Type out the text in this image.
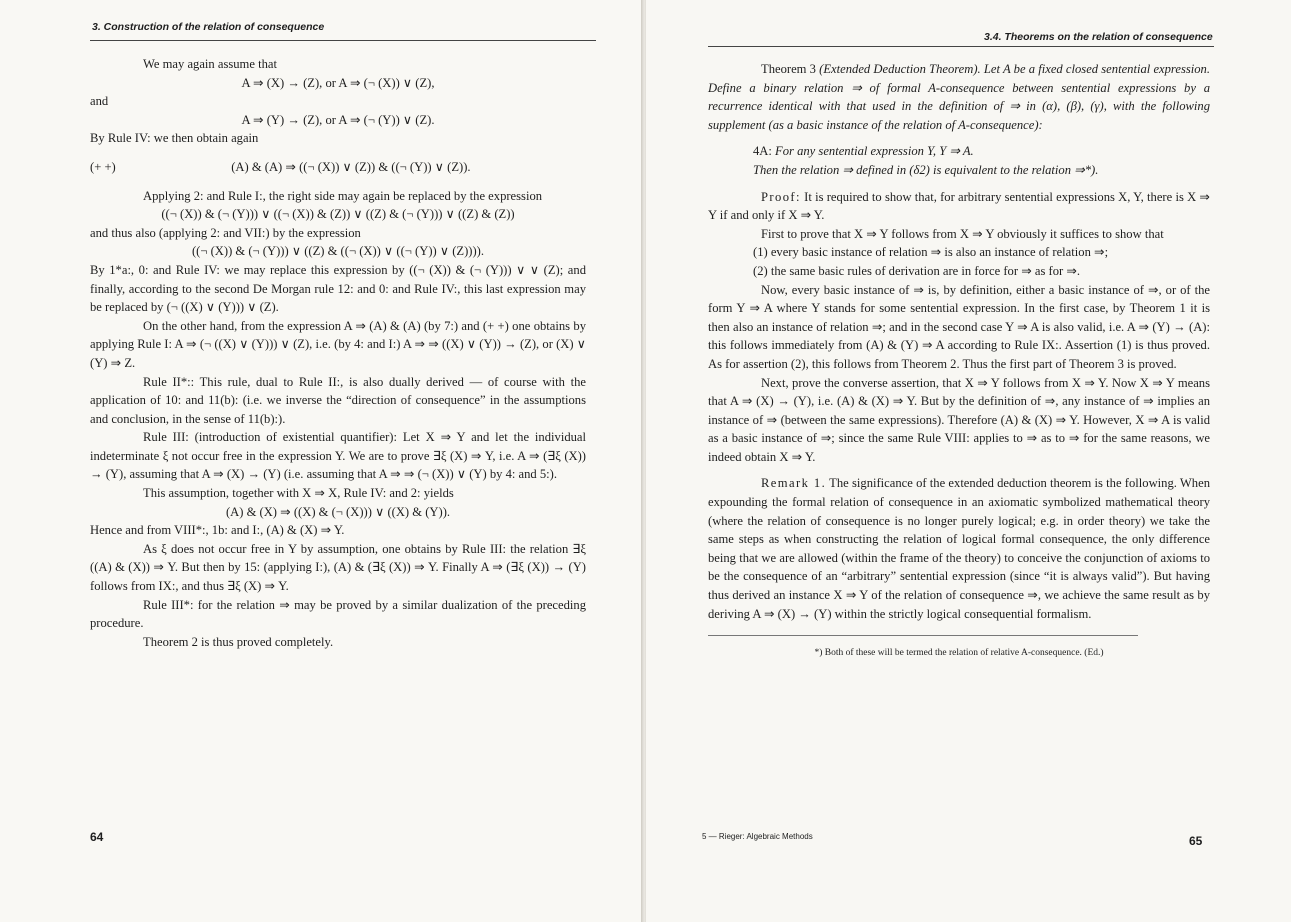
3. Construction of the relation of consequence

We may again assume that

A ⇒ (X) → (Z), or A ⇒ (¬ (X)) ∨ (Z),

and

A ⇒ (Y) → (Z), or A ⇒ (¬ (Y)) ∨ (Z).

By Rule IV: we then obtain again

(+ +)	(A) & (A) ⇒ ((¬ (X)) ∨ (Z)) & ((¬ (Y)) ∨ (Z)).

Applying 2: and Rule I:, the right side may again be replaced by the expression

((¬ (X)) & (¬ (Y))) ∨ ((¬ (X)) & (Z)) ∨ ((Z) & (¬ (Y))) ∨ ((Z) & (Z))

and thus also (applying 2: and VII:) by the expression

((¬ (X)) & (¬ (Y))) ∨ ((Z) & ((¬ (X)) ∨ ((¬ (Y)) ∨ (Z)))).

By 1*a:, 0: and Rule IV: we may replace this expression by ((¬ (X)) & (¬ (Y))) ∨ ∨ (Z); and finally, according to the second De Morgan rule 12: and 0: and Rule IV:, this last expression may be replaced by (¬ ((X) ∨ (Y))) ∨ (Z).

On the other hand, from the expression A ⇒ (A) & (A) (by 7:) and (+ +) one obtains by applying Rule I: A ⇒ (¬ ((X) ∨ (Y))) ∨ (Z), i.e. (by 4: and I:) A ⇒ ⇒ ((X) ∨ (Y)) → (Z), or (X) ∨ (Y) ⇒ Z.

Rule II*:: This rule, dual to Rule II:, is also dually derived — of course with the application of 10: and 11(b): (i.e. we inverse the “direction of consequence” in the assumptions and conclusion, in the sense of 11(b):).

Rule III: (introduction of existential quantifier): Let X ⇒ Y and let the individual indeterminate ξ not occur free in the expression Y. We are to prove ∃ξ (X) ⇒ Y, i.e. A ⇒ (∃ξ (X)) → (Y), assuming that A ⇒ (X) → (Y) (i.e. assuming that A ⇒ ⇒ (¬ (X)) ∨ (Y) by 4: and 5:).

This assumption, together with X ⇒ X, Rule IV: and 2: yields

(A) & (X) ⇒ ((X) & (¬ (X))) ∨ ((X) & (Y)).

Hence and from VIII*:, 1b: and I:, (A) & (X) ⇒ Y.

As ξ does not occur free in Y by assumption, one obtains by Rule III: the relation ∃ξ ((A) & (X)) ⇒ Y. But then by 15: (applying I:), (A) & (∃ξ (X)) ⇒ Y. Finally A ⇒ (∃ξ (X)) → (Y) follows from IX:, and thus ∃ξ (X) ⇒ Y.

Rule III*: for the relation ⇒ may be proved by a similar dualization of the preceding procedure.

Theorem 2 is thus proved completely.

64
3.4. Theorems on the relation of consequence

Theorem 3 (Extended Deduction Theorem). Let A be a fixed closed sentential expression. Define a binary relation ⇒ of formal A-consequence between sentential expressions by a recurrence identical with that used in the definition of ⇒ in (α), (β), (γ), with the following supplement (as a basic instance of the relation of A-consequence):

4A: For any sentential expression Y, Y ⇒ A.

Then the relation ⇒ defined in (δ2) is equivalent to the relation ⇒*).

Proof: It is required to show that, for arbitrary sentential expressions X, Y, there is X ⇒ Y if and only if X ⇒ Y.

First to prove that X ⇒ Y follows from X ⇒ Y obviously it suffices to show that

(1) every basic instance of relation ⇒ is also an instance of relation ⇒;

(2) the same basic rules of derivation are in force for ⇒ as for ⇒.

Now, every basic instance of ⇒ is, by definition, either a basic instance of ⇒, or of the form Y ⇒ A where Y stands for some sentential expression. In the first case, by Theorem 1 it is then also an instance of relation ⇒; and in the second case Y ⇒ A is also valid, i.e. A ⇒ (Y) → (A): this follows immediately from (A) & (Y) ⇒ A according to Rule IX:. Assertion (1) is thus proved. As for assertion (2), this follows from Theorem 2. Thus the first part of Theorem 3 is proved.

Next, prove the converse assertion, that X ⇒ Y follows from X ⇒ Y. Now X ⇒ Y means that A ⇒ (X) → (Y), i.e. (A) & (X) ⇒ Y. But by the definition of ⇒, any instance of ⇒ implies an instance of ⇒ (between the same expressions). Therefore (A) & (X) ⇒ Y. However, X ⇒ A is valid as a basic instance of ⇒; since the same Rule VIII: applies to ⇒ as to ⇒ for the same reasons, we indeed obtain X ⇒ Y.

Remark 1. The significance of the extended deduction theorem is the following. When expounding the formal relation of consequence in an axiomatic symbolized mathematical theory (where the relation of consequence is no longer purely logical; e.g. in order theory) we take the same steps as when constructing the relation of logical formal consequence, the only difference being that we are allowed (within the frame of the theory) to conceive the conjunction of axioms to be the consequence of an “arbitrary” sentential expression (since “it is always valid”). But having thus derived an instance X ⇒ Y of the relation of consequence ⇒, we achieve the same result as by deriving A ⇒ (X) → (Y) within the strictly logical consequential formalism.

*) Both of these will be termed the relation of relative A-consequence. (Ed.)

5 — Rieger: Algebraic Methods	65
